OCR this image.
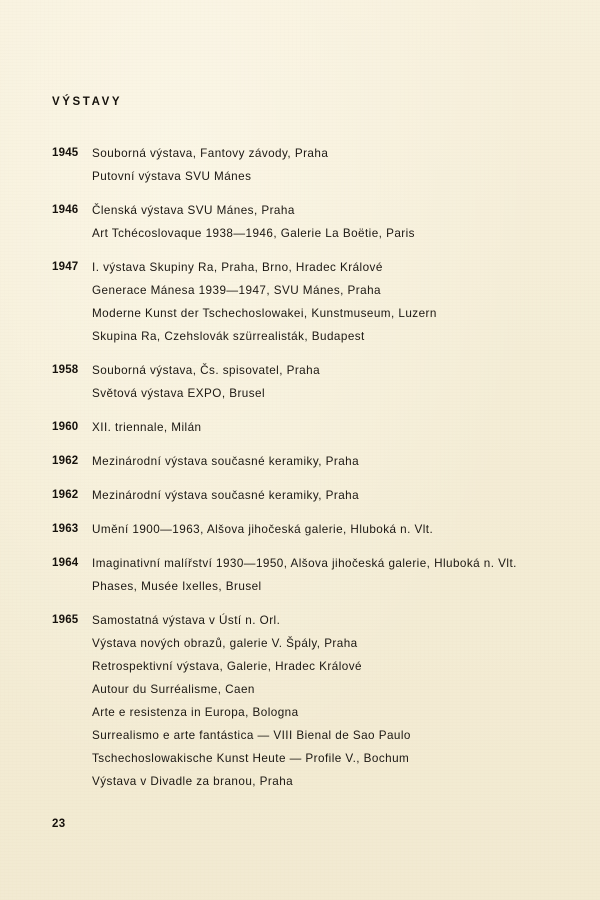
VÝSTAVY
1945	Souborná výstava, Fantovy závody, Praha
Putovní výstava SVU Mánes
1946	Členská výstava SVU Mánes, Praha
Art Tchécoslovaque 1938—1946, Galerie La Boëtie, Paris
1947	I. výstava Skupiny Ra, Praha, Brno, Hradec Králové
Generace Mánesa 1939—1947, SVU Mánes, Praha
Moderne Kunst der Tschechoslowakei, Kunstmuseum, Luzern
Skupina Ra, Czehslovák szürrealisták, Budapest
1958	Souborná výstava, Čs. spisovatel, Praha
Světová výstava EXPO, Brusel
1960	XII. triennale, Milán
1962	Mezinárodní výstava současné keramiky, Praha
1962	Mezinárodní výstava současné keramiky, Praha
1963	Umění 1900—1963, Alšova jihočeská galerie, Hluboká n. Vlt.
1964	Imaginativní malířství 1930—1950, Alšova jihočeská galerie, Hluboká n. Vlt.
Phases, Musée Ixelles, Brusel
1965	Samostatná výstava v Ústí n. Orl.
Výstava nových obrazů, galerie V. Špály, Praha
Retrospektivní výstava, Galerie, Hradec Králové
Autour du Surréalisme, Caen
Arte e resistenza in Europa, Bologna
Surrealismo e arte fantástica — VIII Bienal de Sao Paulo
Tschechoslowakische Kunst Heute — Profile V., Bochum
Výstava v Divadle za branou, Praha
23
